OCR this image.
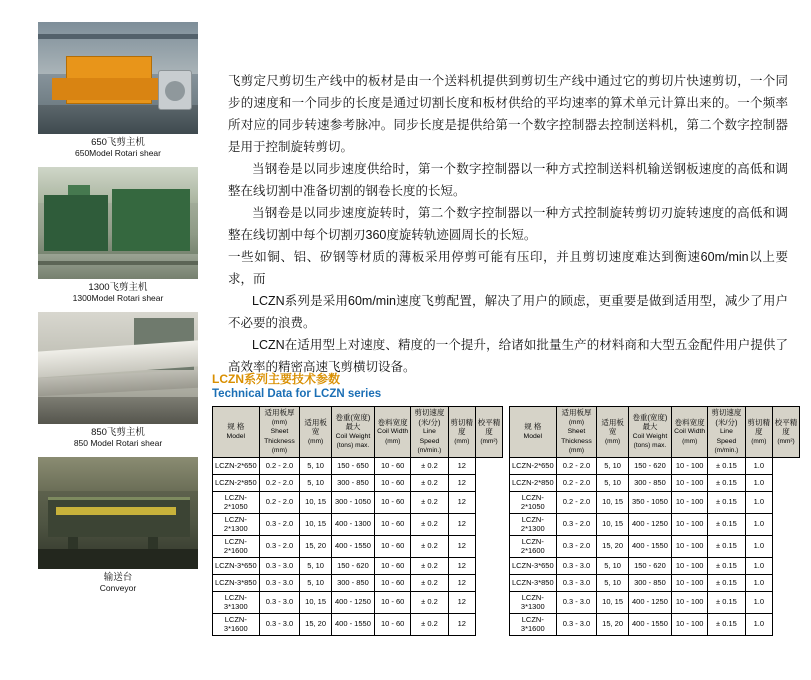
650飞剪主机
650Model Rotari shear
1300飞剪主机
1300Model Rotari shear
850飞剪主机
850 Model Rotari shear
输送台
Conveyor

飞剪定尺剪切生产线中的板材是由一个送料机提供到剪切生产线中通过它的剪切片快速剪切，一个同步的速度和一个同步的长度是通过切割长度和板材供给的平均速率的算术单元计算出来的。一个频率所对应的同步转速参考脉冲。同步长度是提供给第一个数字控制器去控制送料机，第二个数字控制器是用于控制旋转剪切。

当钢卷是以同步速度供给时，第一个数字控制器以一种方式控制送料机输送钢板速度的高低和调整在线切割中准备切割的钢卷长度的长短。

当钢卷是以同步速度旋转时，第二个数字控制器以一种方式控制旋转剪切刃旋转速度的高低和调整在线切割中每个切割刃360度旋转轨迹圆周长的长短。

一些如铜、铝、矽钢等材质的薄板采用停剪可能有压印，并且剪切速度难达到衡速60m/min以上要求，而

LCZN系列是采用60m/min速度飞剪配置，解决了用户的顾虑，更重要是做到适用型，减少了用户不必要的浪费。

LCZN在适用型上对速度、精度的一个提升，给诸如批量生产的材料商和大型五金配件用户提供了高效率的精密高速飞剪横切设备。

LCZN系列主要技术参数
Technical Data for LCZN series
规 格
Model	适用板厚
(mm)
Sheet Thickness
(mm)	适用板宽
(mm)	卷重(宽度)最大
Coil Weight
(tons) max.	卷料宽度
Coil Width
(mm)	剪切速度(米/分)
Line Speed
(m/min.)	剪切精度
(mm)	校平精度
(mm²)

LCZN-2*650	0.2 - 2.0	5, 10	150 - 650	10 - 60	± 0.2	12	
LCZN-2*850	0.2 - 2.0	5, 10	300 - 850	10 - 60	± 0.2	12	
LCZN-2*1050	0.2 - 2.0	10, 15	300 - 1050	10 - 60	± 0.2	12	
LCZN-2*1300	0.3 - 2.0	10, 15	400 - 1300	10 - 60	± 0.2	12	
LCZN-2*1600	0.3 - 2.0	15, 20	400 - 1550	10 - 60	± 0.2	12	
LCZN-3*650	0.3 - 3.0	5, 10	150 - 620	10 - 60	± 0.2	12	
LCZN-3*850	0.3 - 3.0	5, 10	300 - 850	10 - 60	± 0.2	12	
LCZN-3*1300	0.3 - 3.0	10, 15	400 - 1250	10 - 60	± 0.2	12	
LCZN-3*1600	0.3 - 3.0	15, 20	400 - 1550	10 - 60	± 0.2	12	
规 格
Model	适用板厚
(mm)
Sheet Thickness
(mm)	适用板宽
(mm)	卷重(宽度)最大
Coil Weight
(tons) max.	卷料宽度
Coil Width
(mm)	剪切速度(米/分)
Line Speed
(m/min.)	剪切精度
(mm)	校平精度
(mm²)

LCZN-2*650	0.2 - 2.0	5, 10	150 - 620	10 - 100	± 0.15	1.0	
LCZN-2*850	0.2 - 2.0	5, 10	300 - 850	10 - 100	± 0.15	1.0	
LCZN-2*1050	0.2 - 2.0	10, 15	350 - 1050	10 - 100	± 0.15	1.0	
LCZN-2*1300	0.3 - 2.0	10, 15	400 - 1250	10 - 100	± 0.15	1.0	
LCZN-2*1600	0.3 - 2.0	15, 20	400 - 1550	10 - 100	± 0.15	1.0	
LCZN-3*650	0.3 - 3.0	5, 10	150 - 620	10 - 100	± 0.15	1.0	
LCZN-3*850	0.3 - 3.0	5, 10	300 - 850	10 - 100	± 0.15	1.0	
LCZN-3*1300	0.3 - 3.0	10, 15	400 - 1250	10 - 100	± 0.15	1.0	
LCZN-3*1600	0.3 - 3.0	15, 20	400 - 1550	10 - 100	± 0.15	1.0	
